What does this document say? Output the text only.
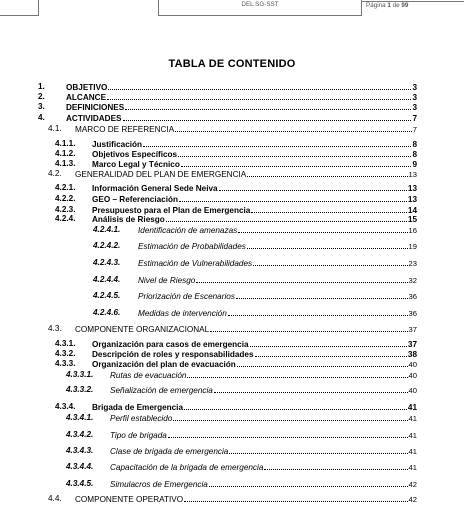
DEL SG-SST	Página 1 de 99
TABLA DE CONTENIDO
1.	OBJETIVO	3
2.	ALCANCE	3
3.	DEFINICIONES	3
4.	ACTIVIDADES	7
4.1. MARCO DE REFERENCIA	7
4.1.1. Justificación	8
4.1.2. Objetivos Específicos	8
4.1.3. Marco Legal y Técnico	9
4.2. GENERALIDAD DEL PLAN DE EMERGENCIA	13
4.2.1. Información General Sede Neiva	13
4.2.2. GEO – Referenciación	13
4.2.3. Presupuesto para el Plan de Emergencia	14
4.2.4. Análisis de Riesgo	15
4.2.4.1. Identificación de amenazas	16
4.2.4.2. Estimación de Probabilidades	19
4.2.4.3. Estimación de Vulnerabilidades	23
4.2.4.4. Nivel de Riesgo	32
4.2.4.5. Priorización de Escenarios	36
4.2.4.6. Medidas de intervención	36
4.3. COMPONENTE ORGANIZACIONAL	37
4.3.1. Organización para casos de emergencia	37
4.3.2. Descripción de roles y responsabilidades	38
4.3.3. Organización del plan de evacuación	40
4.3.3.1. Rutas de evacuación	40
4.3.3.2. Señalización de emergencia	40
4.3.4. Brigada de Emergencia	41
4.3.4.1. Perfil establecido	41
4.3.4.2. Tipo de brigada	41
4.3.4.3. Clase de brigada de emergencia	41
4.3.4.4. Capacitación de la brigada de emergencia	41
4.3.4.5. Simulacros de Emergencia	42
4.4. COMPONENTE OPERATIVO	42
